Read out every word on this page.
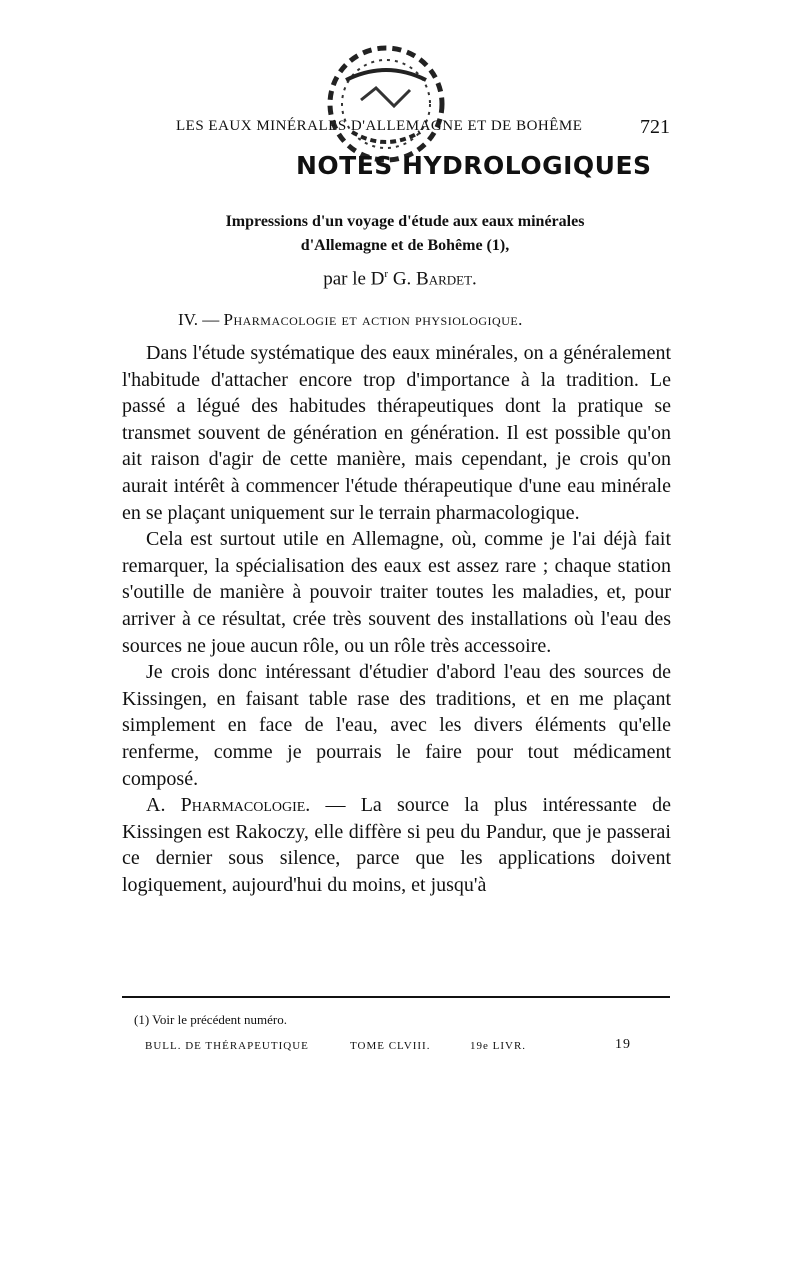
LES EAUX MINÉRALES D'ALLEMAGNE ET DE BOHÊME	721
NOTES HYDROLOGIQUES
Impressions d'un voyage d'étude aux eaux minérales
d'Allemagne et de Bohême (1),
par le $D^r$ G. Bardet.
IV. — Pharmacologie et action physiologique.

Dans l'étude systématique des eaux minérales, on a généralement l'habitude d'attacher encore trop d'importance à la tradition. Le passé a légué des habitudes thérapeutiques dont la pratique se transmet souvent de génération en génération. Il est possible qu'on ait raison d'agir de cette manière, mais cependant, je crois qu'on aurait intérêt à commencer l'étude thérapeutique d'une eau minérale en se plaçant uniquement sur le terrain pharmacologique.

Cela est surtout utile en Allemagne, où, comme je l'ai déjà fait remarquer, la spécialisation des eaux est assez rare ; chaque station s'outille de manière à pouvoir traiter toutes les maladies, et, pour arriver à ce résultat, crée très souvent des installations où l'eau des sources ne joue aucun rôle, ou un rôle très accessoire.

Je crois donc intéressant d'étudier d'abord l'eau des sources de Kissingen, en faisant table rase des traditions, et en me plaçant simplement en face de l'eau, avec les divers éléments qu'elle renferme, comme je pourrais le faire pour tout médicament composé.

A. Pharmacologie. — La source la plus intéressante de Kissingen est Rakoczy, elle diffère si peu du Pandur, que je passerai ce dernier sous silence, parce que les applications doivent logiquement, aujourd'hui du moins, et jusqu'à

(1) Voir le précédent numéro.
BULL. DE THÉRAPEUTIQUE	TOME CLVIII.	19e LIVR.	19
